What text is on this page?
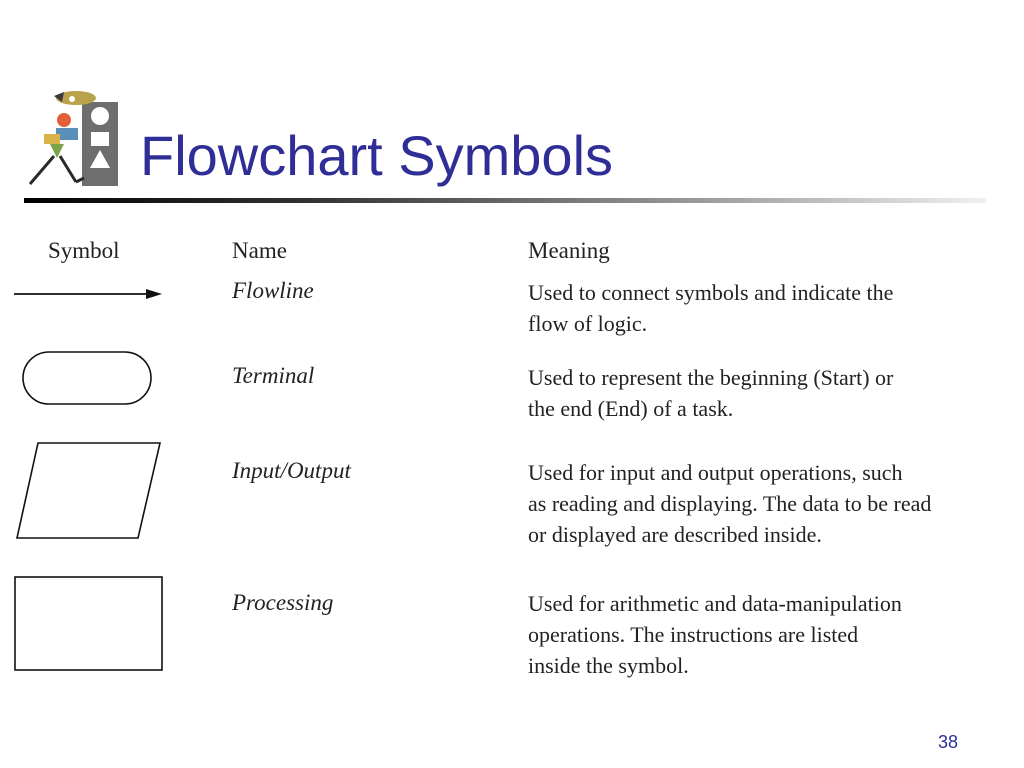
Flowchart Symbols
Symbol	Name	Meaning
Flowline	Used to connect symbols and indicate the
flow of logic.
Terminal	Used to represent the beginning (Start) or
the end (End) of a task.
Input/Output	Used for input and output operations, such
as reading and displaying. The data to be read
or displayed are described inside.
Processing	Used for arithmetic and data-manipulation
operations. The instructions are listed
inside the symbol.
38
